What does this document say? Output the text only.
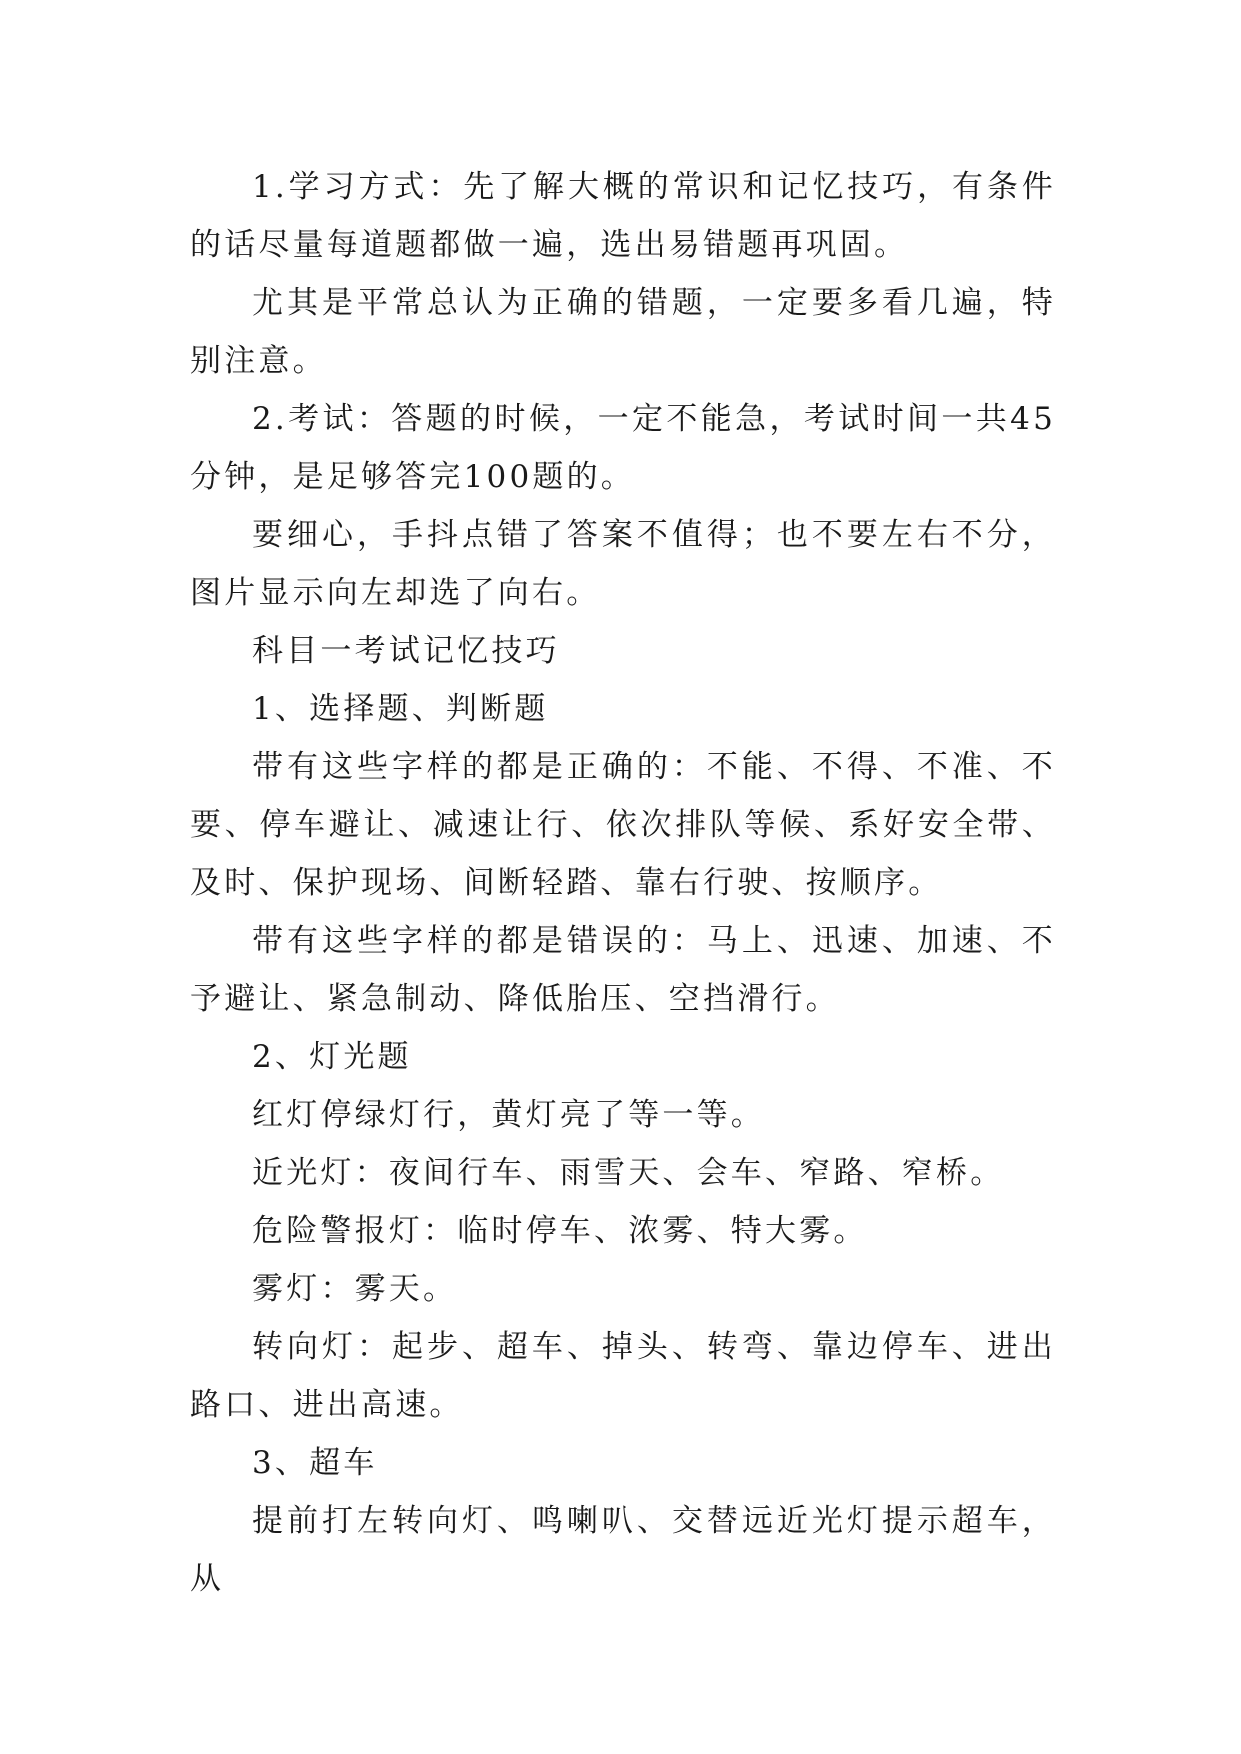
1.学习方式：先了解大概的常识和记忆技巧，有条件的话尽量每道题都做一遍，选出易错题再巩固。

尤其是平常总认为正确的错题，一定要多看几遍，特别注意。

2.考试：答题的时候，一定不能急，考试时间一共45分钟，是足够答完100题的。

要细心，手抖点错了答案不值得；也不要左右不分，图片显示向左却选了向右。

科目一考试记忆技巧

1、选择题、判断题

带有这些字样的都是正确的：不能、不得、不准、不要、停车避让、减速让行、依次排队等候、系好安全带、及时、保护现场、间断轻踏、靠右行驶、按顺序。

带有这些字样的都是错误的：马上、迅速、加速、不予避让、紧急制动、降低胎压、空挡滑行。

2、灯光题

红灯停绿灯行，黄灯亮了等一等。

近光灯：夜间行车、雨雪天、会车、窄路、窄桥。

危险警报灯：临时停车、浓雾、特大雾。

雾灯：雾天。

转向灯：起步、超车、掉头、转弯、靠边停车、进出路口、进出高速。

3、超车

提前打左转向灯、鸣喇叭、交替远近光灯提示超车，从
